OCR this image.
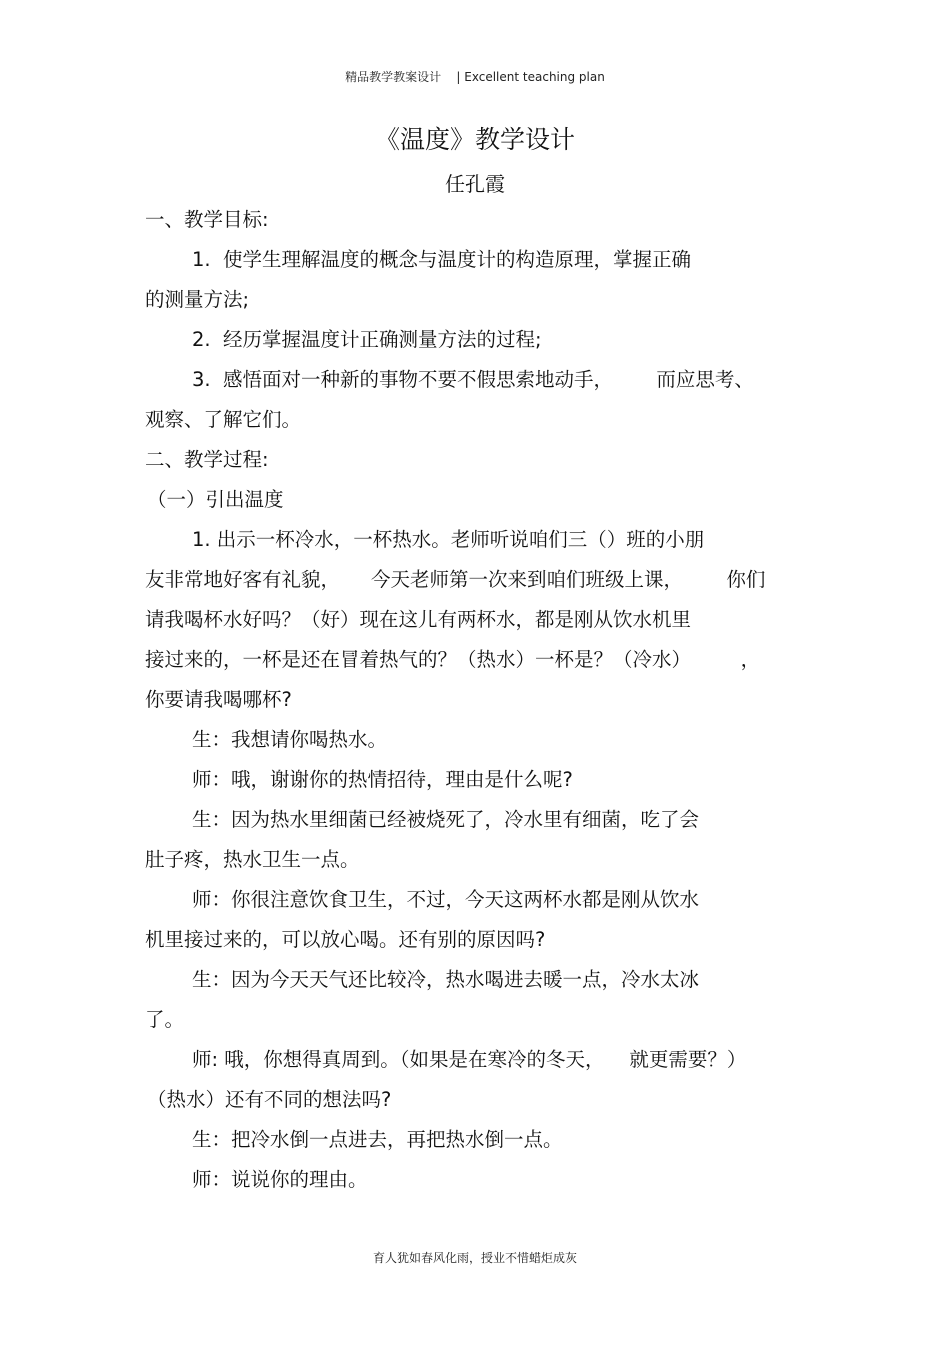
精品教学教案设计    | Excellent teaching plan
《温度》教学设计
任孔霞
一、教学目标:
1.  使学生理解温度的概念与温度计的构造原理，掌握正确
的测量方法;
2.  经历掌握温度计正确测量方法的过程;
3.  感悟面对一种新的事物不要不假思索地动手，       而应思考、
观察、了解它们。
二、教学过程:
（一）引出温度
1. 出示一杯冷水，一杯热水。老师听说咱们三（）班的小朋
友非常地好客有礼貌，     今天老师第一次来到咱们班级上课，       你们
请我喝杯水好吗？（好）现在这儿有两杯水，都是刚从饮水机里
接过来的，一杯是还在冒着热气的？（热水）一杯是？（冷水）        ，
你要请我喝哪杯?
生：我想请你喝热水。
师：哦，谢谢你的热情招待，理由是什么呢?
生：因为热水里细菌已经被烧死了，冷水里有细菌，吃了会
肚子疼，热水卫生一点。
师：你很注意饮食卫生，不过，今天这两杯水都是刚从饮水
机里接过来的，可以放心喝。还有别的原因吗?
生：因为今天天气还比较冷，热水喝进去暖一点，冷水太冰
了。
师: 哦，你想得真周到。（如果是在寒冷的冬天，    就更需要？）
（热水）还有不同的想法吗?
生：把冷水倒一点进去，再把热水倒一点。
师：说说你的理由。
育人犹如春风化雨，授业不惜蜡炬成灰
